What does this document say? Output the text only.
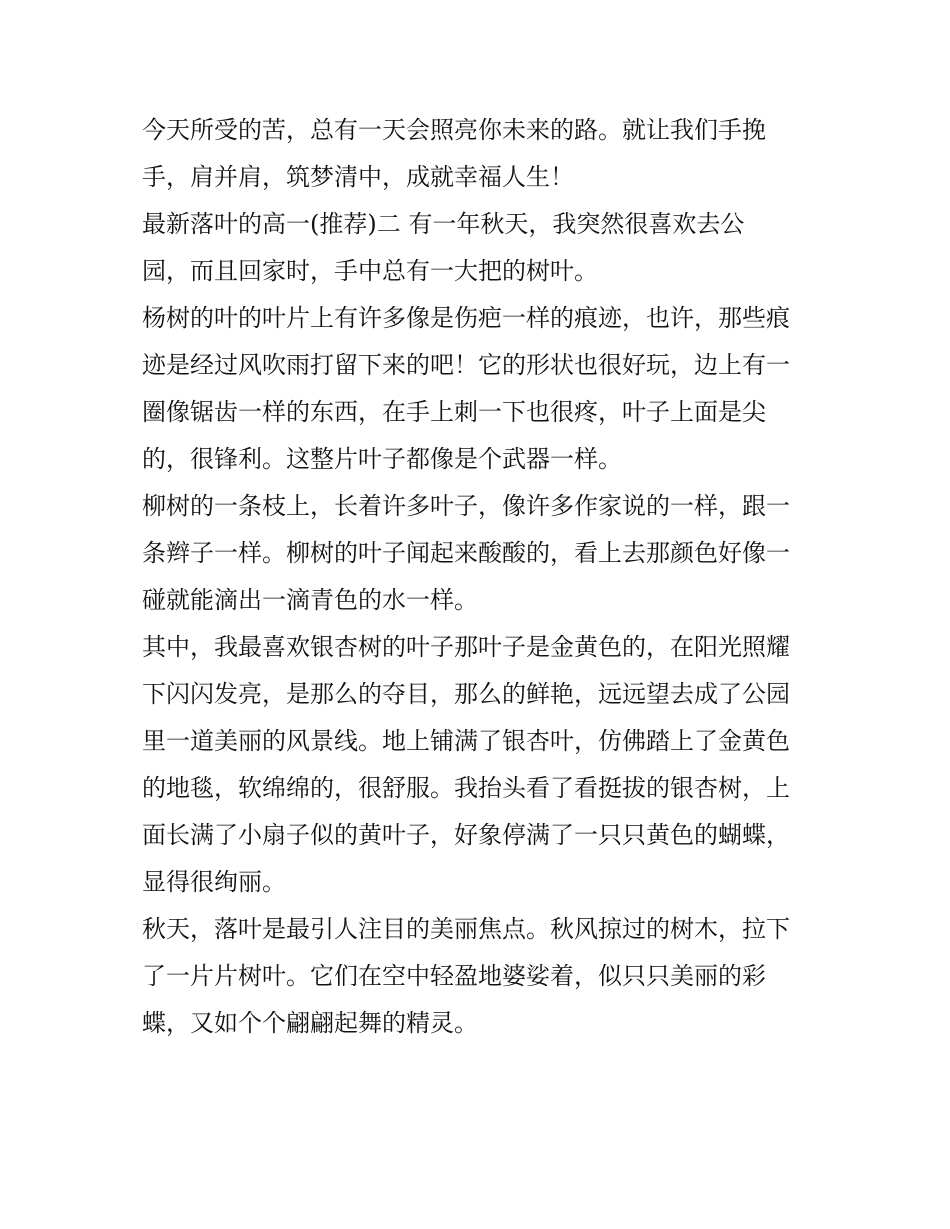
今天所受的苦，总有一天会照亮你未来的路。就让我们手挽
手，肩并肩，筑梦清中，成就幸福人生！

最新落叶的高一(推荐)二 有一年秋天，我突然很喜欢去公
园，而且回家时，手中总有一大把的树叶。

杨树的叶的叶片上有许多像是伤疤一样的痕迹，也许，那些痕
迹是经过风吹雨打留下来的吧！它的形状也很好玩，边上有一
圈像锯齿一样的东西，在手上刺一下也很疼，叶子上面是尖
的，很锋利。这整片叶子都像是个武器一样。

柳树的一条枝上，长着许多叶子，像许多作家说的一样，跟一
条辫子一样。柳树的叶子闻起来酸酸的，看上去那颜色好像一
碰就能滴出一滴青色的水一样。

其中，我最喜欢银杏树的叶子那叶子是金黄色的，在阳光照耀
下闪闪发亮，是那么的夺目，那么的鲜艳，远远望去成了公园
里一道美丽的风景线。地上铺满了银杏叶，仿佛踏上了金黄色
的地毯，软绵绵的，很舒服。我抬头看了看挺拔的银杏树，上
面长满了小扇子似的黄叶子，好象停满了一只只黄色的蝴蝶，
显得很绚丽。

秋天，落叶是最引人注目的美丽焦点。秋风掠过的树木，拉下
了一片片树叶。它们在空中轻盈地婆娑着，似只只美丽的彩
蝶，又如个个翩翩起舞的精灵。
